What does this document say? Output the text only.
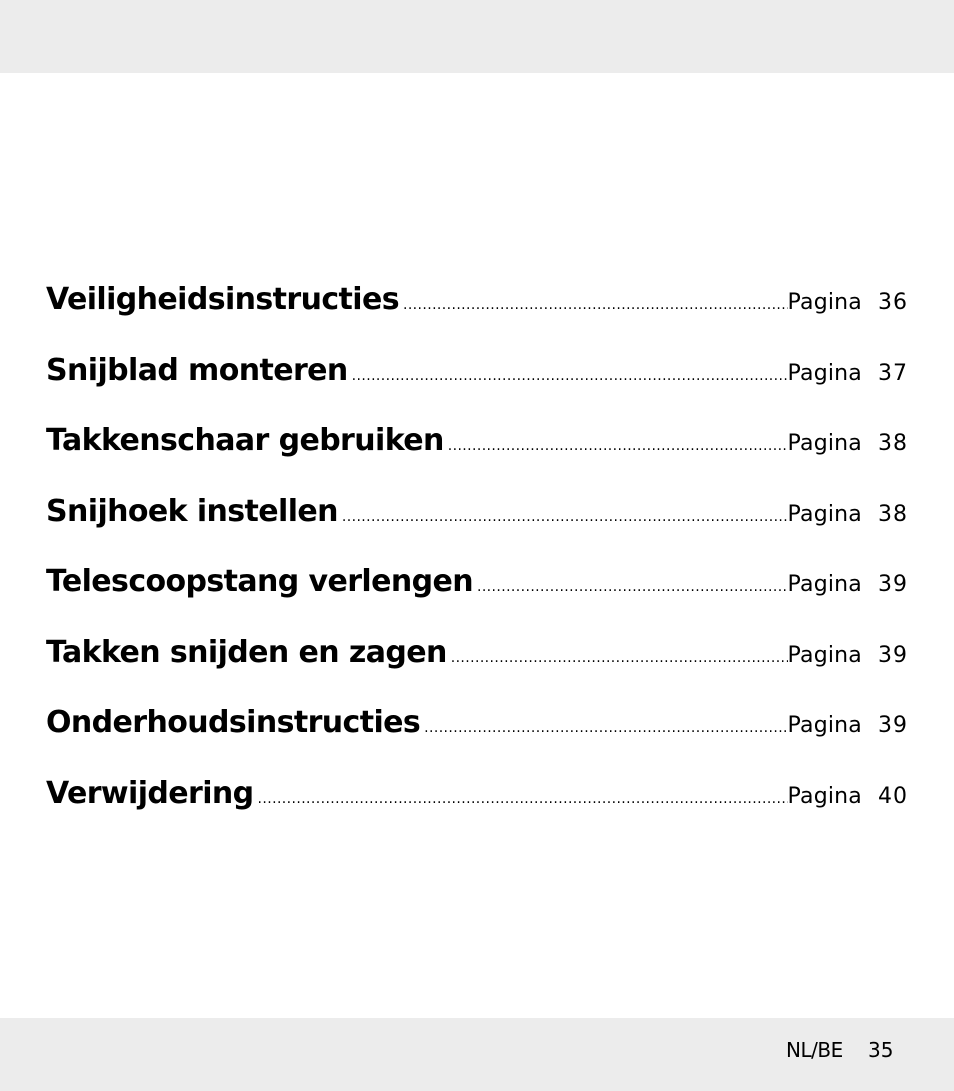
Veiligheidsinstructies .....	Pagina 36
Snijblad monteren .....	Pagina 37
Takkenschaar gebruiken .....	Pagina 38
Snijhoek instellen .....	Pagina 38
Telescoopstang verlengen .....	Pagina 39
Takken snijden en zagen .....	Pagina 39
Onderhoudsinstructies .....	Pagina 39
Verwijdering .....	Pagina 40
NL/BE 35
